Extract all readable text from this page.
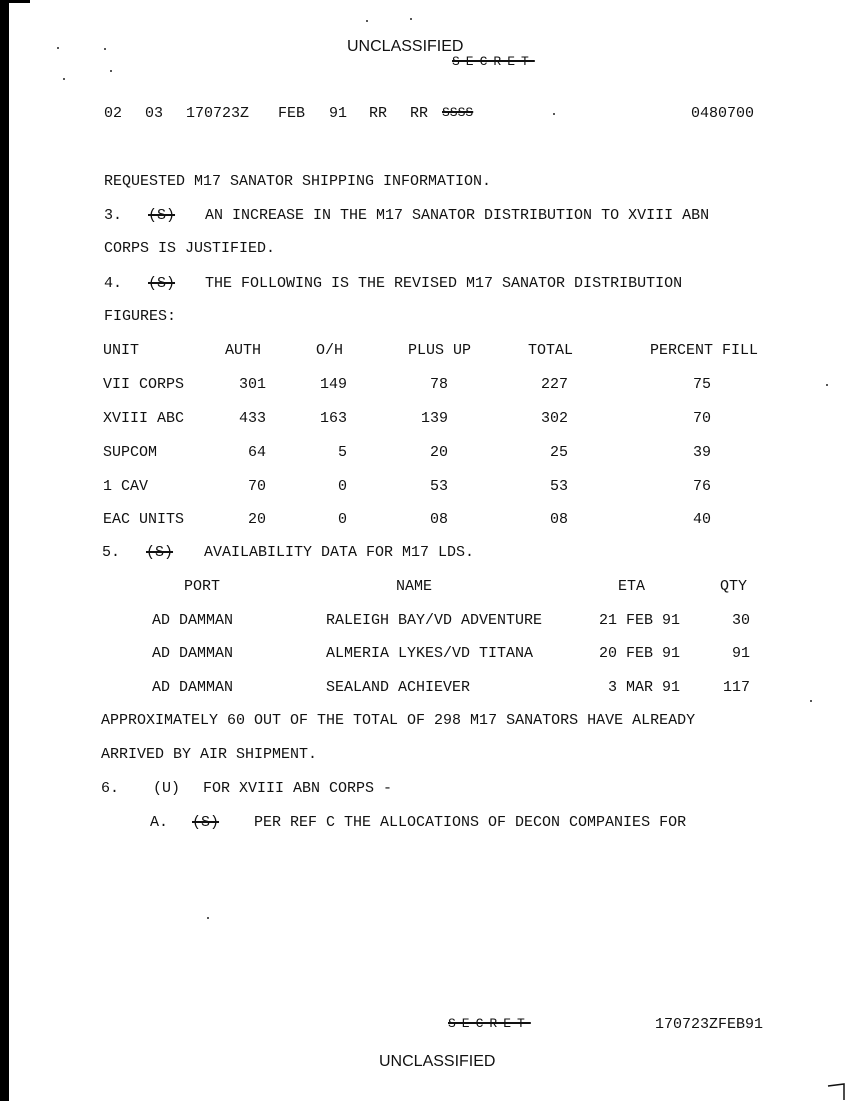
UNCLASSIFIED
SECRET
02 03 170723Z FEB 91 RR RR SSSS	0480700
REQUESTED M17 SANATOR SHIPPING INFORMATION.
3. (S) AN INCREASE IN THE M17 SANATOR DISTRIBUTION TO XVIII ABN
CORPS IS JUSTIFIED.
4. (S) THE FOLLOWING IS THE REVISED M17 SANATOR DISTRIBUTION
FIGURES:
UNIT	AUTH	O/H	PLUS UP	TOTAL	PERCENT FILL
VII CORPS	301	149	78	227	75
XVIII ABC	433	163	139	302	70
SUPCOM	64	5	20	25	39
1 CAV	70	0	53	53	76
EAC UNITS	20	0	08	08	40
5. (S) AVAILABILITY DATA FOR M17 LDS.
PORT	NAME	ETA	QTY
AD DAMMAN	RALEIGH BAY/VD ADVENTURE	21 FEB 91	30
AD DAMMAN	ALMERIA LYKES/VD TITANA	20 FEB 91	91
AD DAMMAN	SEALAND ACHIEVER	3 MAR 91	117
APPROXIMATELY 60 OUT OF THE TOTAL OF 298 M17 SANATORS HAVE ALREADY
ARRIVED BY AIR SHIPMENT.
6. (U) FOR XVIII ABN CORPS -
A. (S) PER REF C THE ALLOCATIONS OF DECON COMPANIES FOR
SECRET	170723ZFEB91
UNCLASSIFIED
